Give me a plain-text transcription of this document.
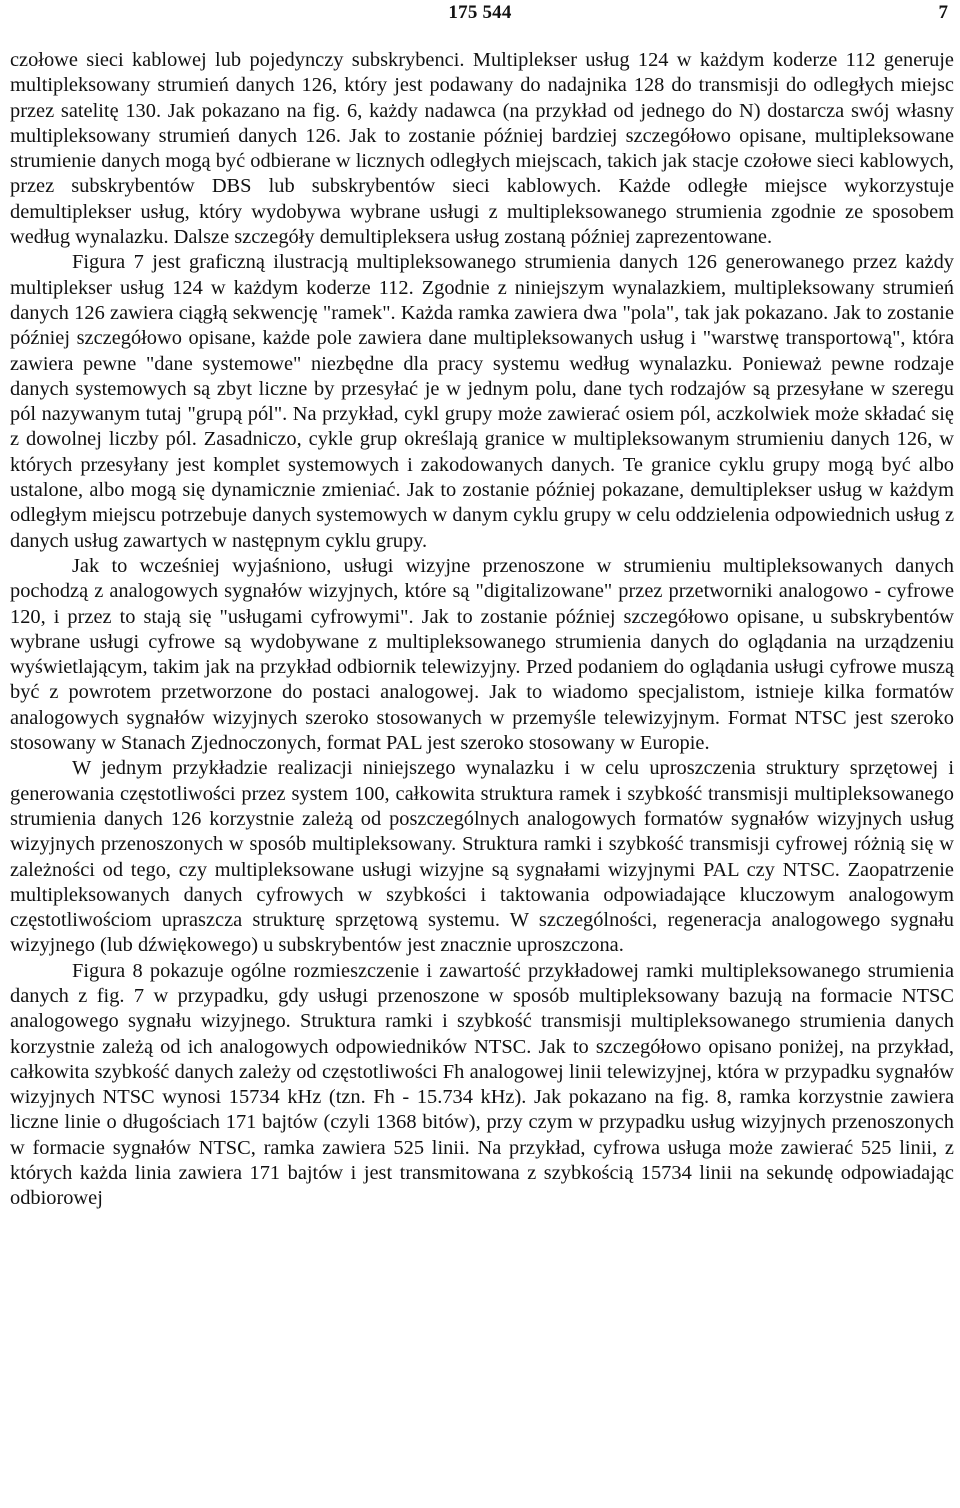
175 544	7

czołowe sieci kablowej lub pojedynczy subskrybenci. Multiplekser usług 124 w każdym koderze 112 generuje multipleksowany strumień danych 126, który jest podawany do nadajnika 128 do transmisji do odległych miejsc przez satelitę 130. Jak pokazano na fig. 6, każdy nadawca (na przykład od jednego do N) dostarcza swój własny multipleksowany strumień danych 126. Jak to zostanie później bardziej szczegółowo opisane, multipleksowane strumienie danych mogą być odbierane w licznych odległych miejscach, takich jak stacje czołowe sieci kablowych, przez subskrybentów DBS lub subskrybentów sieci kablowych. Każde odległe miejsce wykorzystuje demultiplekser usług, który wydobywa wybrane usługi z multipleksowanego strumienia zgodnie ze sposobem według wynalazku. Dalsze szczegóły demultipleksera usług zostaną później zaprezentowane.

Figura 7 jest graficzną ilustracją multipleksowanego strumienia danych 126 generowanego przez każdy multiplekser usług 124 w każdym koderze 112. Zgodnie z niniejszym wynalazkiem, multipleksowany strumień danych 126 zawiera ciągłą sekwencję "ramek". Każda ramka zawiera dwa "pola", tak jak pokazano. Jak to zostanie później szczegółowo opisane, każde pole zawiera dane multipleksowanych usług i "warstwę transportową", która zawiera pewne "dane systemowe" niezbędne dla pracy systemu według wynalazku. Ponieważ pewne rodzaje danych systemowych są zbyt liczne by przesyłać je w jednym polu, dane tych rodzajów są przesyłane w szeregu pól nazywanym tutaj "grupą pól". Na przykład, cykl grupy może zawierać osiem pól, aczkolwiek może składać się z dowolnej liczby pól. Zasadniczo, cykle grup określają granice w multipleksowanym strumieniu danych 126, w których przesyłany jest komplet systemowych i zakodowanych danych. Te granice cyklu grupy mogą być albo ustalone, albo mogą się dynamicznie zmieniać. Jak to zostanie później pokazane, demultiplekser usług w każdym odległym miejscu potrzebuje danych systemowych w danym cyklu grupy w celu oddzielenia odpowiednich usług z danych usług zawartych w następnym cyklu grupy.

Jak to wcześniej wyjaśniono, usługi wizyjne przenoszone w strumieniu multipleksowanych danych pochodzą z analogowych sygnałów wizyjnych, które są "digitalizowane" przez przetworniki analogowo - cyfrowe 120, i przez to stają się "usługami cyfrowymi". Jak to zostanie później szczegółowo opisane, u subskrybentów wybrane usługi cyfrowe są wydobywane z multipleksowanego strumienia danych do oglądania na urządzeniu wyświetlającym, takim jak na przykład odbiornik telewizyjny. Przed podaniem do oglądania usługi cyfrowe muszą być z powrotem przetworzone do postaci analogowej. Jak to wiadomo specjalistom, istnieje kilka formatów analogowych sygnałów wizyjnych szeroko stosowanych w przemyśle telewizyjnym. Format NTSC jest szeroko stosowany w Stanach Zjednoczonych, format PAL jest szeroko stosowany w Europie.

W jednym przykładzie realizacji niniejszego wynalazku i w celu uproszczenia struktury sprzętowej i generowania częstotliwości przez system 100, całkowita struktura ramek i szybkość transmisji multipleksowanego strumienia danych 126 korzystnie zależą od poszczególnych analogowych formatów sygnałów wizyjnych usług wizyjnych przenoszonych w sposób multipleksowany. Struktura ramki i szybkość transmisji cyfrowej różnią się w zależności od tego, czy multipleksowane usługi wizyjne są sygnałami wizyjnymi PAL czy NTSC. Zaopatrzenie multipleksowanych danych cyfrowych w szybkości i taktowania odpowiadające kluczowym analogowym częstotliwościom upraszcza strukturę sprzętową systemu. W szczególności, regeneracja analogowego sygnału wizyjnego (lub dźwiękowego) u subskrybentów jest znacznie uproszczona.

Figura 8 pokazuje ogólne rozmieszczenie i zawartość przykładowej ramki multipleksowanego strumienia danych z fig. 7 w przypadku, gdy usługi przenoszone w sposób multipleksowany bazują na formacie NTSC analogowego sygnału wizyjnego. Struktura ramki i szybkość transmisji multipleksowanego strumienia danych korzystnie zależą od ich analogowych odpowiedników NTSC. Jak to szczegółowo opisano poniżej, na przykład, całkowita szybkość danych zależy od częstotliwości Fh analogowej linii telewizyjnej, która w przypadku sygnałów wizyjnych NTSC wynosi 15734 kHz (tzn. Fh - 15.734 kHz). Jak pokazano na fig. 8, ramka korzystnie zawiera liczne linie o długościach 171 bajtów (czyli 1368 bitów), przy czym w przypadku usług wizyjnych przenoszonych w formacie sygnałów NTSC, ramka zawiera 525 linii. Na przykład, cyfrowa usługa może zawierać 525 linii, z których każda linia zawiera 171 bajtów i jest transmitowana z szybkością 15734 linii na sekundę odpowiadając odbiorowej
